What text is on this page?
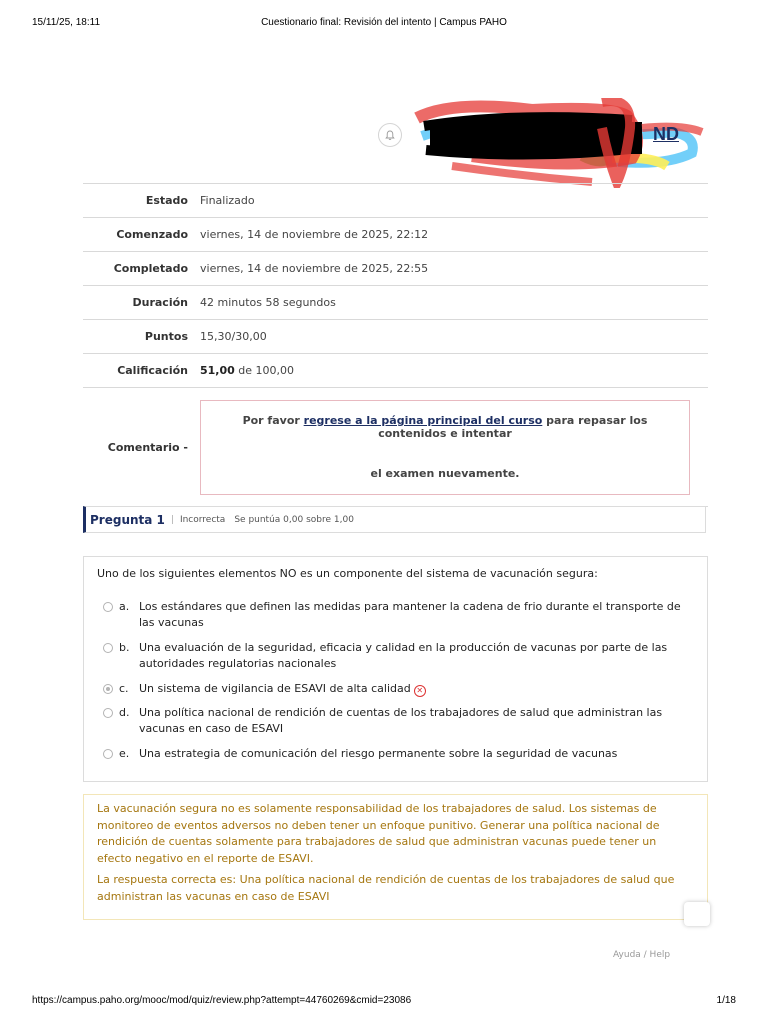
15/11/25, 18:11	Cuestionario final: Revisión del intento | Campus PAHO
ND
Estado	Finalizado
Comenzado	viernes, 14 de noviembre de 2025, 22:12
Completado	viernes, 14 de noviembre de 2025, 22:55
Duración	42 minutos 58 segundos
Puntos	15,30/30,00
Calificación	51,00 de 100,00
Comentario -
Por favor regrese a la página principal del curso para repasar los contenidos e intentar
el examen nuevamente.
Pregunta 1 | Incorrecta Se puntúa 0,00 sobre 1,00
Uno de los siguientes elementos NO es un componente del sistema de vacunación segura:
a. Los estándares que definen las medidas para mantener la cadena de frio durante el transporte de las vacunas
b. Una evaluación de la seguridad, eficacia y calidad en la producción de vacunas por parte de las autoridades regulatorias nacionales
c. Un sistema de vigilancia de ESAVI de alta calidad ✕
d. Una política nacional de rendición de cuentas de los trabajadores de salud que administran las vacunas en caso de ESAVI
e. Una estrategia de comunicación del riesgo permanente sobre la seguridad de vacunas

La vacunación segura no es solamente responsabilidad de los trabajadores de salud. Los sistemas de monitoreo de eventos adversos no deben tener un enfoque punitivo. Generar una política nacional de rendición de cuentas solamente para trabajadores de salud que administran vacunas puede tener un efecto negativo en el reporte de ESAVI.

La respuesta correcta es: Una política nacional de rendición de cuentas de los trabajadores de salud que administran las vacunas en caso de ESAVI

Ayuda / Help
https://campus.paho.org/mooc/mod/quiz/review.php?attempt=44760269&cmid=23086	1/18
